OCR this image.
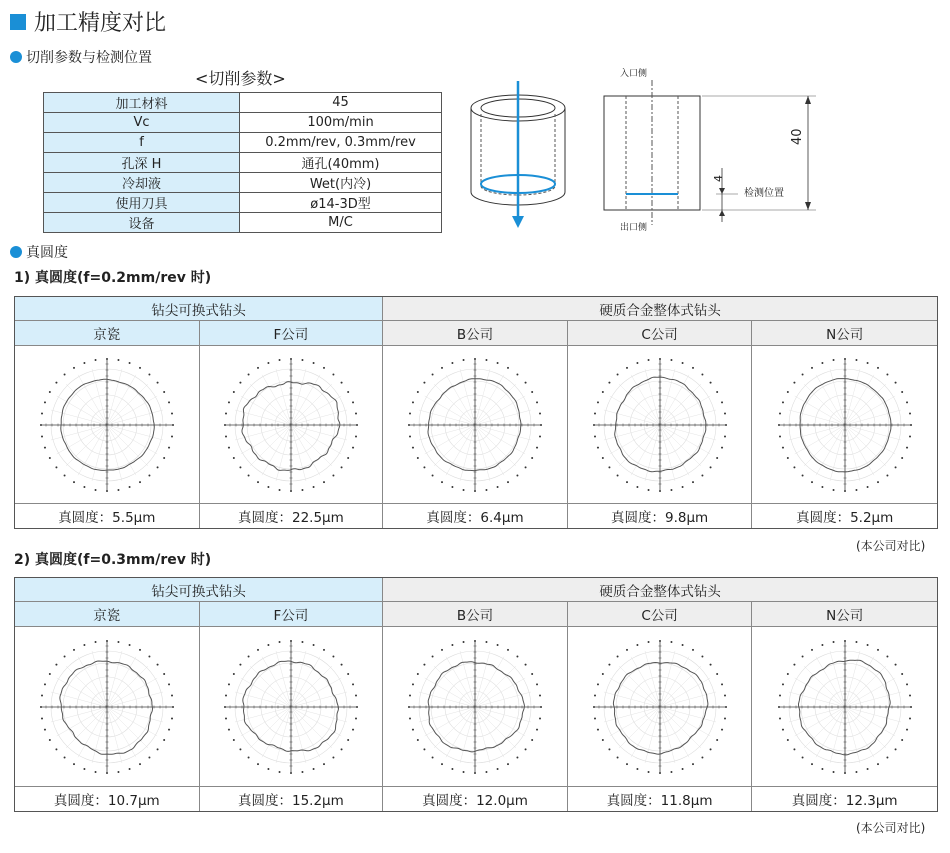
加工精度对比
切削参数与检测位置
<切削参数>
加工材料	45
Vc	100m/min
f	0.2mm/rev, 0.3mm/rev
孔深 H	通孔(40mm)
冷却液	Wet(内冷)
使用刀具	ø14-3D型
设备	M/C
入口侧
出口侧
40
4
检测位置
真圆度
1) 真圆度(f=0.2mm/rev 时)
钻尖可换式钻头	硬质合金整体式钻头
京瓷	F公司	B公司	C公司	N公司
真圆度：5.5μm	真圆度：22.5μm	真圆度：6.4μm	真圆度：9.8μm	真圆度：5.2μm
(本公司对比)
2) 真圆度(f=0.3mm/rev 时)
钻尖可换式钻头	硬质合金整体式钻头
京瓷	F公司	B公司	C公司	N公司
真圆度：10.7μm	真圆度：15.2μm	真圆度：12.0μm	真圆度：11.8μm	真圆度：12.3μm
(本公司对比)
